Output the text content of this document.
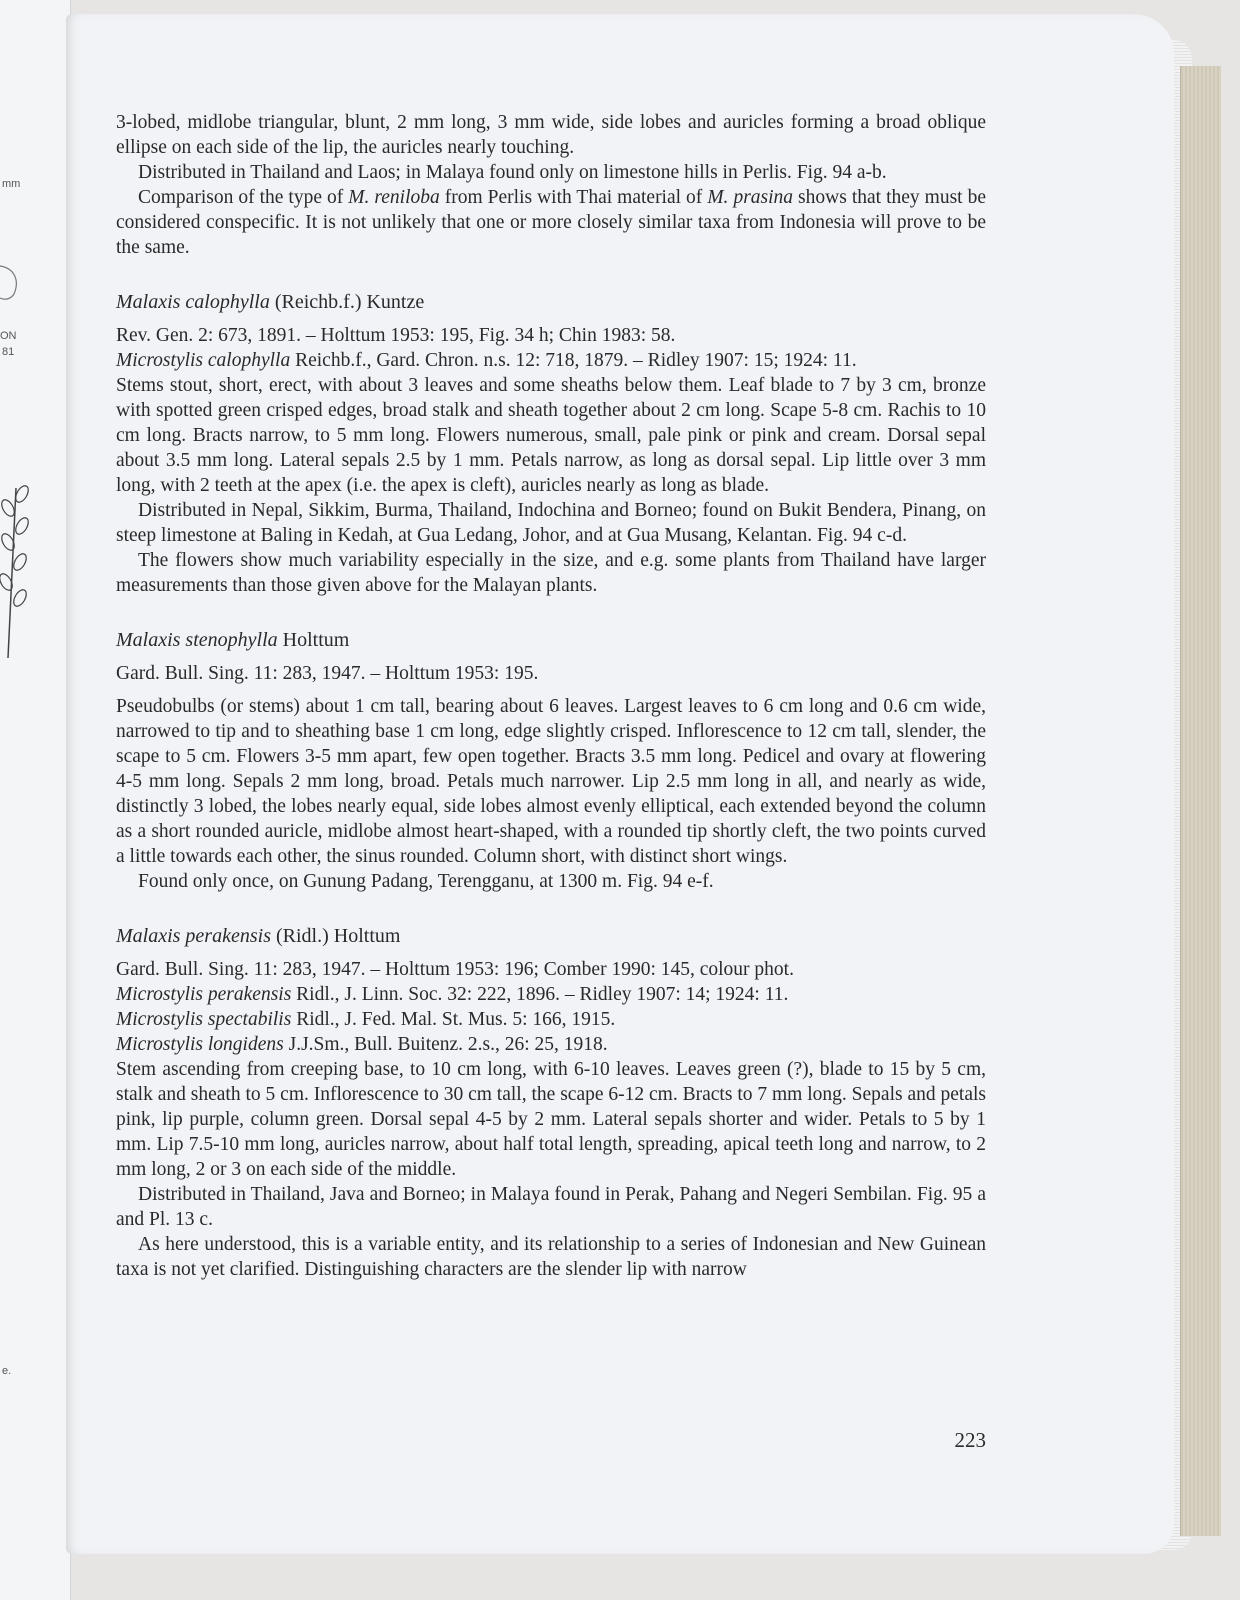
mm
ON
81
e.

3-lobed, midlobe triangular, blunt, 2 mm long, 3 mm wide, side lobes and auricles forming a broad oblique ellipse on each side of the lip, the auricles nearly touching.

Distributed in Thailand and Laos; in Malaya found only on limestone hills in Perlis. Fig. 94 a-b.

Comparison of the type of M. reniloba from Perlis with Thai material of M. prasina shows that they must be considered conspecific. It is not unlikely that one or more closely similar taxa from Indonesia will prove to be the same.

Malaxis calophylla (Reichb.f.) Kuntze

Rev. Gen. 2: 673, 1891. – Holttum 1953: 195, Fig. 34 h; Chin 1983: 58.

Microstylis calophylla Reichb.f., Gard. Chron. n.s. 12: 718, 1879. – Ridley 1907: 15; 1924: 11.

Stems stout, short, erect, with about 3 leaves and some sheaths below them. Leaf blade to 7 by 3 cm, bronze with spotted green crisped edges, broad stalk and sheath together about 2 cm long. Scape 5-8 cm. Rachis to 10 cm long. Bracts narrow, to 5 mm long. Flowers numerous, small, pale pink or pink and cream. Dorsal sepal about 3.5 mm long. Lateral sepals 2.5 by 1 mm. Petals narrow, as long as dorsal sepal. Lip little over 3 mm long, with 2 teeth at the apex (i.e. the apex is cleft), auricles nearly as long as blade.

Distributed in Nepal, Sikkim, Burma, Thailand, Indochina and Borneo; found on Bukit Bendera, Pinang, on steep limestone at Baling in Kedah, at Gua Ledang, Johor, and at Gua Musang, Kelantan. Fig. 94 c-d.

The flowers show much variability especially in the size, and e.g. some plants from Thailand have larger measurements than those given above for the Malayan plants.

Malaxis stenophylla Holttum

Gard. Bull. Sing. 11: 283, 1947. – Holttum 1953: 195.

Pseudobulbs (or stems) about 1 cm tall, bearing about 6 leaves. Largest leaves to 6 cm long and 0.6 cm wide, narrowed to tip and to sheathing base 1 cm long, edge slightly crisped. Inflorescence to 12 cm tall, slender, the scape to 5 cm. Flowers 3-5 mm apart, few open together. Bracts 3.5 mm long. Pedicel and ovary at flowering 4-5 mm long. Sepals 2 mm long, broad. Petals much narrower. Lip 2.5 mm long in all, and nearly as wide, distinctly 3 lobed, the lobes nearly equal, side lobes almost evenly elliptical, each extended beyond the column as a short rounded auricle, midlobe almost heart-shaped, with a rounded tip shortly cleft, the two points curved a little towards each other, the sinus rounded. Column short, with distinct short wings.

Found only once, on Gunung Padang, Terengganu, at 1300 m. Fig. 94 e-f.

Malaxis perakensis (Ridl.) Holttum

Gard. Bull. Sing. 11: 283, 1947. – Holttum 1953: 196; Comber 1990: 145, colour phot.

Microstylis perakensis Ridl., J. Linn. Soc. 32: 222, 1896. – Ridley 1907: 14; 1924: 11.

Microstylis spectabilis Ridl., J. Fed. Mal. St. Mus. 5: 166, 1915.

Microstylis longidens J.J.Sm., Bull. Buitenz. 2.s., 26: 25, 1918.

Stem ascending from creeping base, to 10 cm long, with 6-10 leaves. Leaves green (?), blade to 15 by 5 cm, stalk and sheath to 5 cm. Inflorescence to 30 cm tall, the scape 6-12 cm. Bracts to 7 mm long. Sepals and petals pink, lip purple, column green. Dorsal sepal 4-5 by 2 mm. Lateral sepals shorter and wider. Petals to 5 by 1 mm. Lip 7.5-10 mm long, auricles narrow, about half total length, spreading, apical teeth long and narrow, to 2 mm long, 2 or 3 on each side of the middle.

Distributed in Thailand, Java and Borneo; in Malaya found in Perak, Pahang and Negeri Sembilan. Fig. 95 a and Pl. 13 c.

As here understood, this is a variable entity, and its relationship to a series of Indonesian and New Guinean taxa is not yet clarified. Distinguishing characters are the slender lip with narrow

223
